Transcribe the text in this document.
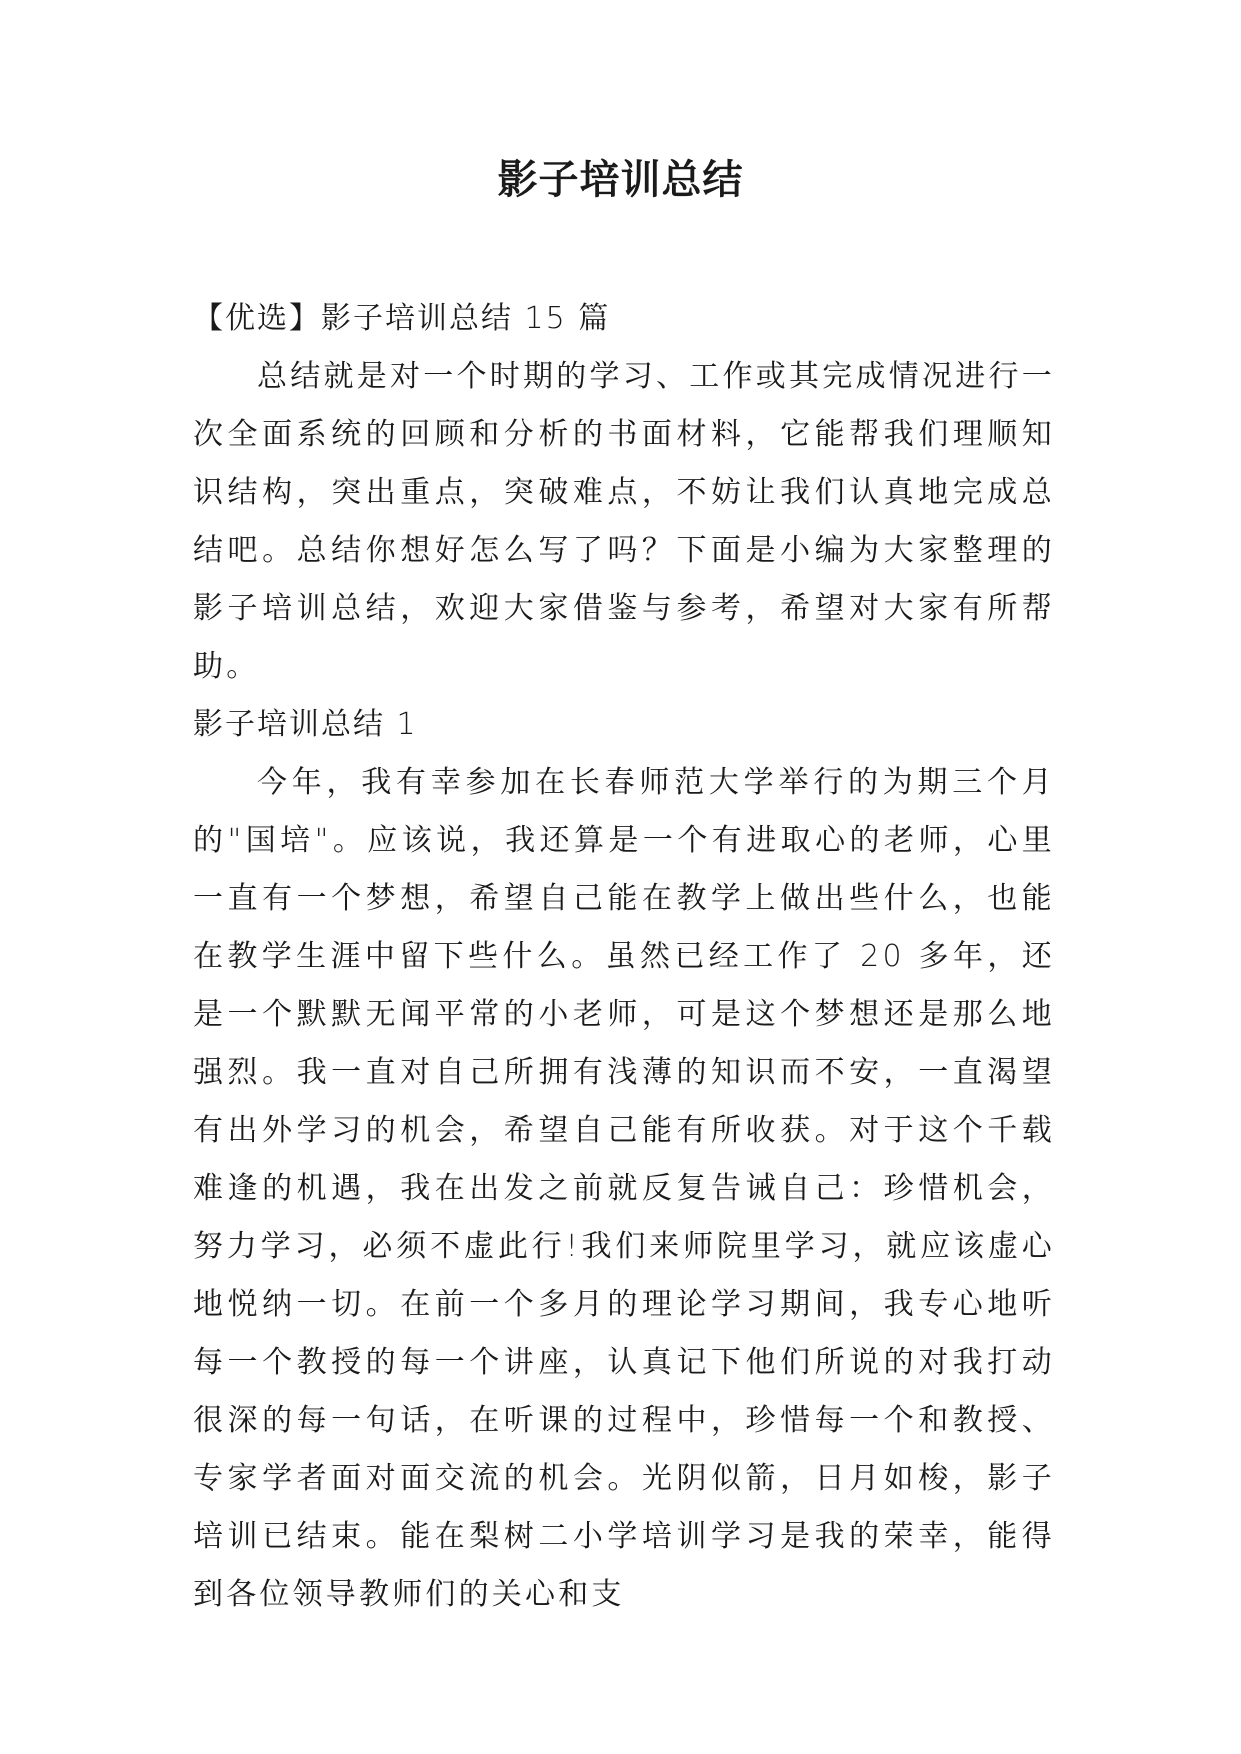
影子培训总结
【优选】影子培训总结 15 篇
总结就是对一个时期的学习、工作或其完成情况进行一次全面系统的回顾和分析的书面材料，它能帮我们理顺知识结构，突出重点，突破难点，不妨让我们认真地完成总结吧。总结你想好怎么写了吗？下面是小编为大家整理的影子培训总结，欢迎大家借鉴与参考，希望对大家有所帮助。
影子培训总结 1
今年，我有幸参加在长春师范大学举行的为期三个月的"国培"。应该说，我还算是一个有进取心的老师，心里一直有一个梦想，希望自己能在教学上做出些什么，也能在教学生涯中留下些什么。虽然已经工作了 20 多年，还是一个默默无闻平常的小老师，可是这个梦想还是那么地强烈。我一直对自己所拥有浅薄的知识而不安，一直渴望有出外学习的机会，希望自己能有所收获。对于这个千载难逢的机遇，我在出发之前就反复告诫自己：珍惜机会，努力学习，必须不虚此行!我们来师院里学习，就应该虚心地悦纳一切。在前一个多月的理论学习期间，我专心地听每一个教授的每一个讲座，认真记下他们所说的对我打动很深的每一句话，在听课的过程中，珍惜每一个和教授、专家学者面对面交流的机会。光阴似箭，日月如梭，影子培训已结束。能在梨树二小学培训学习是我的荣幸，能得到各位领导教师们的关心和支
